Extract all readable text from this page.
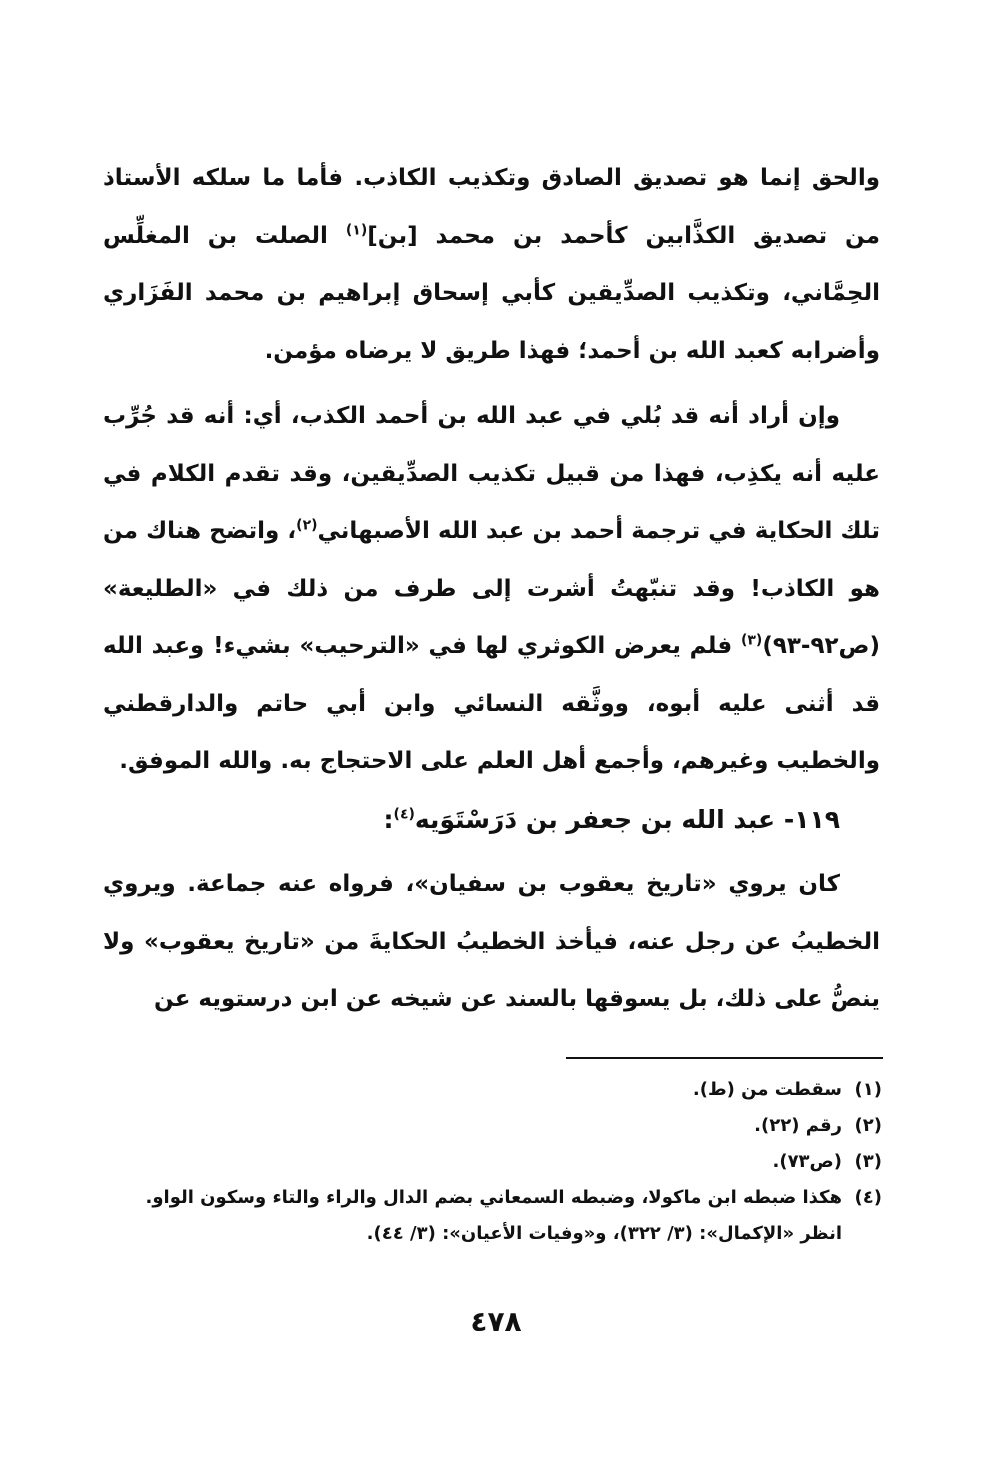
والحق إنما هو تصديق الصادق وتكذيب الكاذب. فأما ما سلكه الأستاذ من تصديق الكذَّابين كأحمد بن محمد [بن]$^{(١)}$ الصلت بن المغلِّس الحِمَّاني، وتكذيب الصدِّيقين كأبي إسحاق إبراهيم بن محمد الفَزَاري وأضرابه كعبد الله بن أحمد؛ فهذا طريق لا يرضاه مؤمن.

وإن أراد أنه قد بُلي في عبد الله بن أحمد الكذب، أي: أنه قد جُرِّب عليه أنه يكذِب، فهذا من قبيل تكذيب الصدِّيقين، وقد تقدم الكلام في تلك الحكاية في ترجمة أحمد بن عبد الله الأصبهاني$^{(٢)}$، واتضح هناك من هو الكاذب! وقد تنبّهتُ أشرت إلى طرف من ذلك في «الطليعة» (ص٩٢-٩٣)$^{(٣)}$ فلم يعرض الكوثري لها في «الترحيب» بشيء! وعبد الله قد أثنى عليه أبوه، ووثَّقه النسائي وابن أبي حاتم والدارقطني والخطيب وغيرهم، وأجمع أهل العلم على الاحتجاج به. والله الموفق.

١١٩- عبد الله بن جعفر بن دَرَسْتَوَيه$^{(٤)}$:

كان يروي «تاريخ يعقوب بن سفيان»، فرواه عنه جماعة. ويروي الخطيبُ عن رجل عنه، فيأخذ الخطيبُ الحكايةَ من «تاريخ يعقوب» ولا ينصُّ على ذلك، بل يسوقها بالسند عن شيخه عن ابن درستويه عن

(١)
سقطت من (ط).
(٢)
رقم (٢٢).
(٣)
(ص٧٣).
(٤)
هكذا ضبطه ابن ماكولا، وضبطه السمعاني بضم الدال والراء والتاء وسكون الواو.
انظر «الإكمال»: (٣/ ٣٢٢)، و«وفيات الأعيان»: (٣/ ٤٤).
٤٧٨
